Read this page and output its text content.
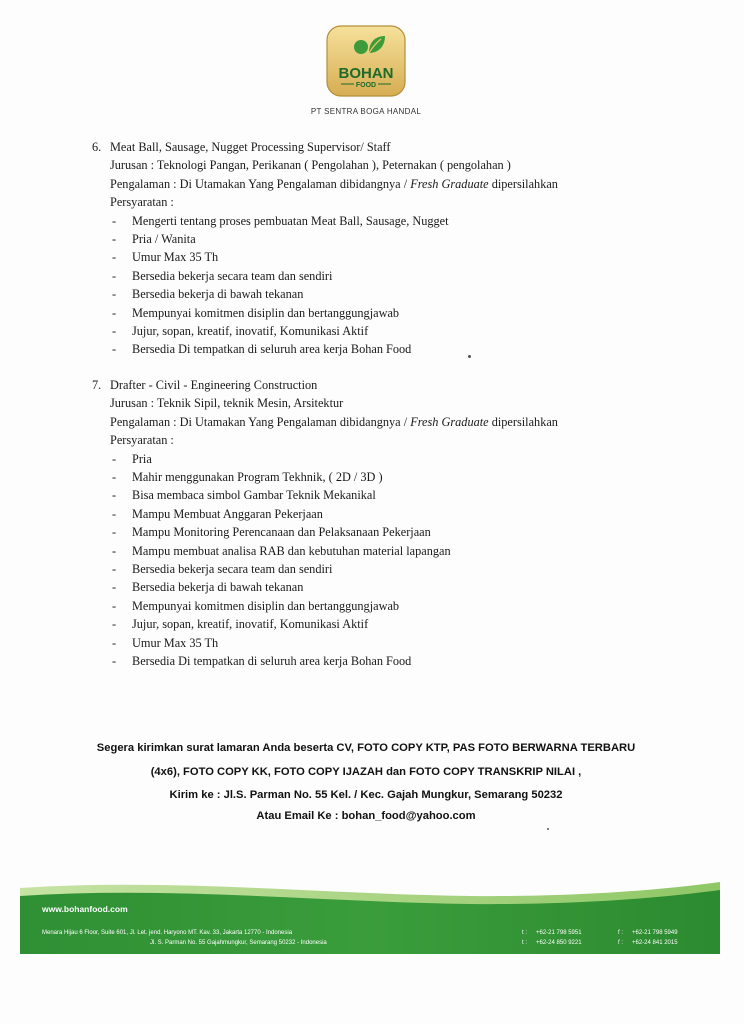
BOHAN
FOOD
PT SENTRA BOGA HANDAL
6. Meat Ball, Sausage, Nugget Processing Supervisor/ Staff
Jurusan : Teknologi Pangan, Perikanan ( Pengolahan ), Peternakan ( pengolahan )
Pengalaman : Di Utamakan Yang Pengalaman dibidangnya / Fresh Graduate dipersilahkan
Persyaratan :
-	Mengerti tentang proses pembuatan Meat Ball, Sausage, Nugget
-	Pria / Wanita
-	Umur Max 35 Th
-	Bersedia bekerja secara team dan sendiri
-	Bersedia bekerja di bawah tekanan
-	Mempunyai komitmen disiplin dan bertanggungjawab
-	Jujur, sopan, kreatif, inovatif, Komunikasi Aktif
-	Bersedia Di tempatkan di seluruh area kerja Bohan Food
7. Drafter - Civil - Engineering Construction
Jurusan : Teknik Sipil, teknik Mesin, Arsitektur
Pengalaman : Di Utamakan Yang Pengalaman dibidangnya / Fresh Graduate dipersilahkan
Persyaratan :
-	Pria
-	Mahir menggunakan Program Tekhnik, ( 2D / 3D )
-	Bisa membaca simbol Gambar Teknik Mekanikal
-	Mampu Membuat Anggaran Pekerjaan
-	Mampu Monitoring Perencanaan dan Pelaksanaan Pekerjaan
-	Mampu membuat analisa RAB dan kebutuhan material lapangan
-	Bersedia bekerja secara team dan sendiri
-	Bersedia bekerja di bawah tekanan
-	Mempunyai komitmen disiplin dan bertanggungjawab
-	Jujur, sopan, kreatif, inovatif, Komunikasi Aktif
-	Umur Max 35 Th
-	Bersedia Di tempatkan di seluruh area kerja Bohan Food
Segera kirimkan surat lamaran Anda beserta CV, FOTO COPY KTP, PAS FOTO BERWARNA TERBARU
(4x6), FOTO COPY KK, FOTO COPY IJAZAH dan FOTO COPY TRANSKRIP NILAI ,
Kirim ke : Jl.S. Parman No. 55 Kel. / Kec. Gajah Mungkur, Semarang 50232
Atau Email Ke : bohan_food@yahoo.com
www.bohanfood.com
Menara Hijau 6 Floor, Suite 601, Jl. Let. jend. Haryono MT. Kav. 33, Jakarta 12770 - Indonesia
Jl. S. Parman No. 55 Gajahmungkur, Semarang 50232 - Indonesia
t : +62-21 798 5951
t : +62-24 850 9221
f : +62-21 798 5949
f : +62-24 841 2015
